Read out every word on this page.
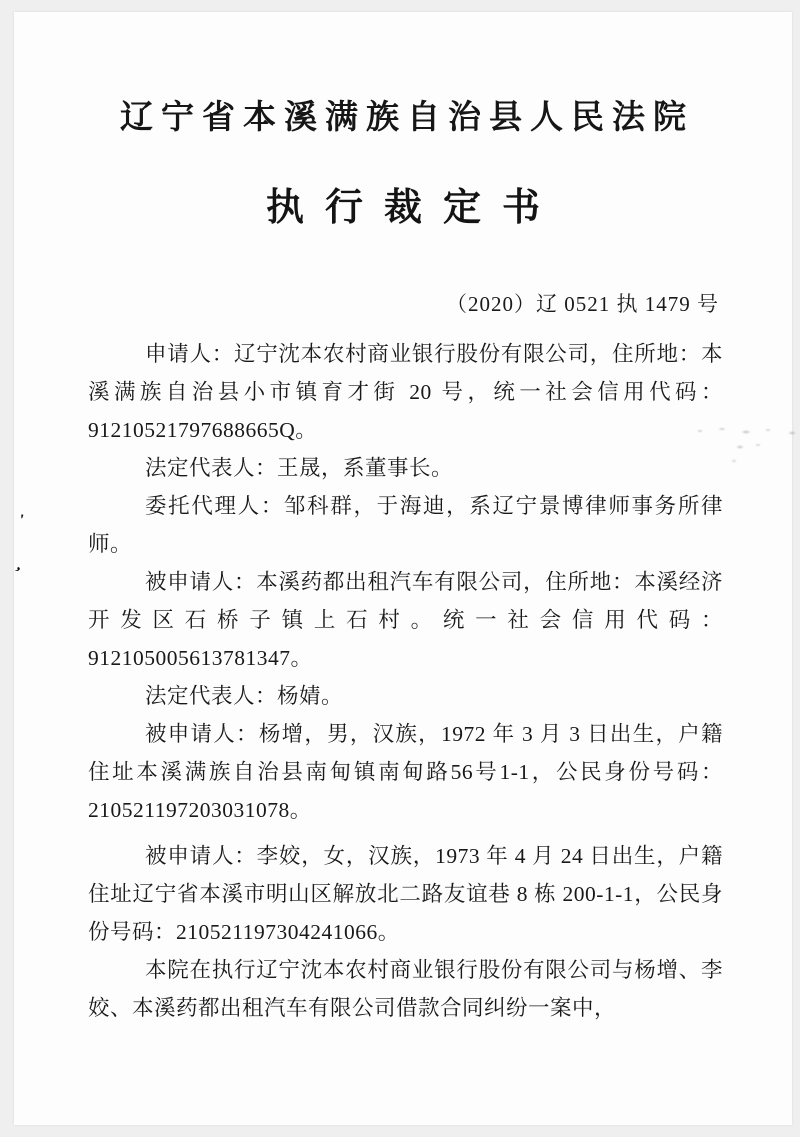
'
,
辽宁省本溪满族自治县人民法院
执行裁定书
（2020）辽 0521 执 1479 号

申请人：辽宁沈本农村商业银行股份有限公司，住所地：本溪满族自治县小市镇育才街 20 号，统一社会信用代码：91210521797688665Q。

法定代表人：王晟，系董事长。

委托代理人：邹科群，于海迪，系辽宁景博律师事务所律师。

被申请人：本溪药都出租汽车有限公司，住所地：本溪经济开发区石桥子镇上石村。统一社会信用代码：912105005613781347。

法定代表人：杨婧。

被申请人：杨增，男，汉族，1972 年 3 月 3 日出生，户籍住址本溪满族自治县南甸镇南甸路56号1-1，公民身份号码：210521197203031078。

被申请人：李姣，女，汉族，1973 年 4 月 24 日出生，户籍住址辽宁省本溪市明山区解放北二路友谊巷 8 栋 200-1-1，公民身份号码：210521197304241066。

本院在执行辽宁沈本农村商业银行股份有限公司与杨增、李姣、本溪药都出租汽车有限公司借款合同纠纷一案中，
